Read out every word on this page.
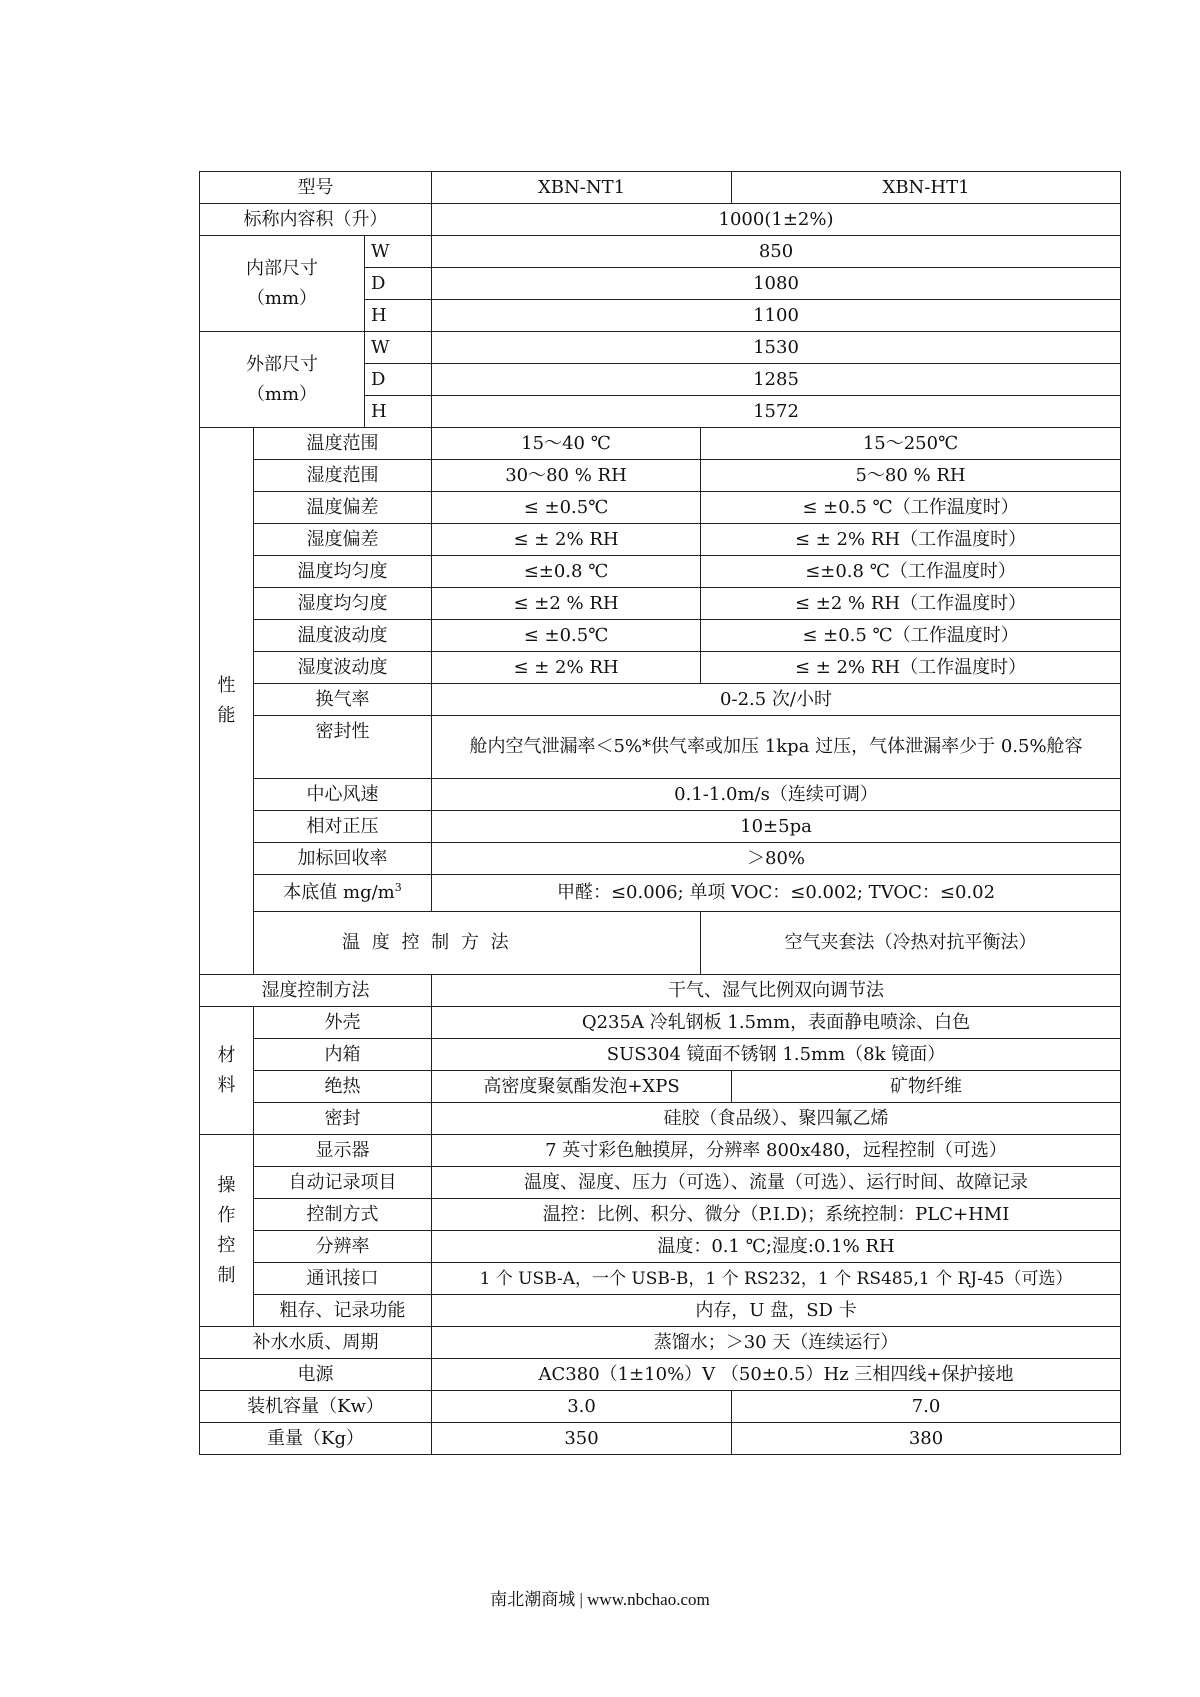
型号			XBN-NT1		XBN-HT1
标称内容积（升）			1000(1±2%)		

内部尺寸
（mm）		W	850		
		D	1080		
		H	1100		

外部尺寸
（mm）		W	1530		
		D	1285		
		H	1572		

性能	温度范围		15～40 ℃	15～250℃	
	湿度范围		30～80 % RH	5～80 % RH	
	温度偏差		≤ ±0.5℃	≤ ±0.5 ℃（工作温度时）	
	湿度偏差		≤ ± 2% RH	≤ ± 2% RH（工作温度时）	
	温度均匀度		≤±0.8 ℃	≤±0.8 ℃（工作温度时）	
	湿度均匀度		≤ ±2 % RH	≤ ±2 % RH（工作温度时）	
	温度波动度		≤ ±0.5℃	≤ ±0.5 ℃（工作温度时）	
	湿度波动度		≤ ± 2% RH	≤ ± 2% RH（工作温度时）	
	换气率		0-2.5 次/小时		
	密封性		舱内空气泄漏率＜5%*供气率或加压 1kpa 过压，气体泄漏率少于 0.5%舱容		
	中心风速		0.1-1.0m/s（连续可调）		
	相对正压		10±5pa		
	加标回收率		＞80%		
	本底值 $mg/m^3$		甲醛：≤0.006; 单项 VOC：≤0.002; TVOC：≤0.02		
	温 度 控 制 方 法			空气夹套法（冷热对抗平衡法）	
湿度控制方法			干气、湿气比例双向调节法		

材料	外壳		Q235A 冷轧钢板 1.5mm，表面静电喷涂、白色		
	内箱		SUS304 镜面不锈钢 1.5mm（8k 镜面）		
	绝热		高密度聚氨酯发泡+XPS		矿物纤维
	密封		硅胶（食品级）、聚四氟乙烯		

操作控制	显示器		7 英寸彩色触摸屏，分辨率 800x480，远程控制（可选）		
	自动记录项目		温度、湿度、压力（可选）、流量（可选）、运行时间、故障记录		
	控制方式		温控：比例、积分、微分（P.I.D)；系统控制：PLC+HMI		
	分辨率		温度：0.1 ℃;湿度:0.1% RH		
	通讯接口		1 个 USB-A，一个 USB-B，1 个 RS232，1 个 RS485,1 个 RJ-45（可选）		
	粗存、记录功能		内存，U 盘，SD 卡		
补水水质、周期			蒸馏水；＞30 天（连续运行）		
电源			AC380（1±10%）V （50±0.5）Hz 三相四线+保护接地		
装机容量（Kw）			3.0		7.0
重量（Kg）			350		380
南北潮商城 | www.nbchao.com
